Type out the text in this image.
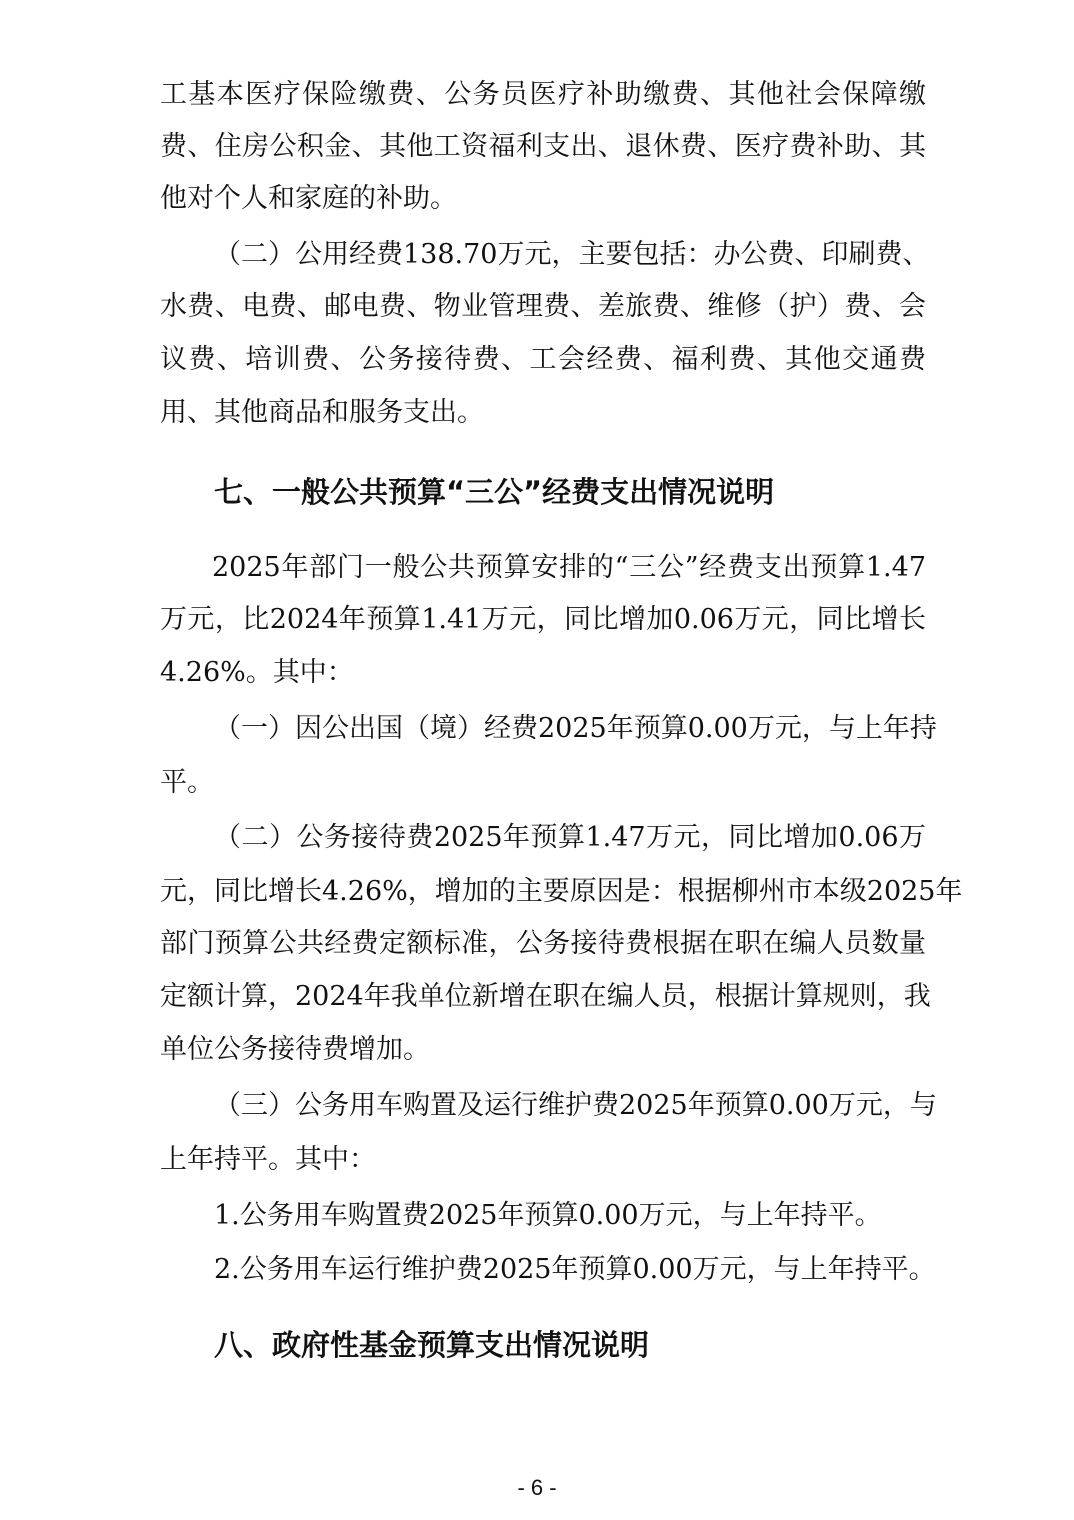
工基本医疗保险缴费、公务员医疗补助缴费、其他社会保障缴
费、住房公积金、其他工资福利支出、退休费、医疗费补助、其
他对个人和家庭的补助。
（二）公用经费138.70万元，主要包括：办公费、印刷费、
水费、电费、邮电费、物业管理费、差旅费、维修（护）费、会
议费、培训费、公务接待费、工会经费、福利费、其他交通费
用、其他商品和服务支出。
七、一般公共预算“三公”经费支出情况说明
2025年部门一般公共预算安排的“三公”经费支出预算1.47
万元，比2024年预算1.41万元，同比增加0.06万元，同比增长
4.26%。其中：
（一）因公出国（境）经费2025年预算0.00万元，与上年持
平。
（二）公务接待费2025年预算1.47万元，同比增加0.06万
元，同比增长4.26%，增加的主要原因是：根据柳州市本级2025年
部门预算公共经费定额标准，公务接待费根据在职在编人员数量
定额计算，2024年我单位新增在职在编人员，根据计算规则，我
单位公务接待费增加。
（三）公务用车购置及运行维护费2025年预算0.00万元，与
上年持平。其中：
1.公务用车购置费2025年预算0.00万元，与上年持平。
2.公务用车运行维护费2025年预算0.00万元，与上年持平。
八、政府性基金预算支出情况说明
- 6 -
